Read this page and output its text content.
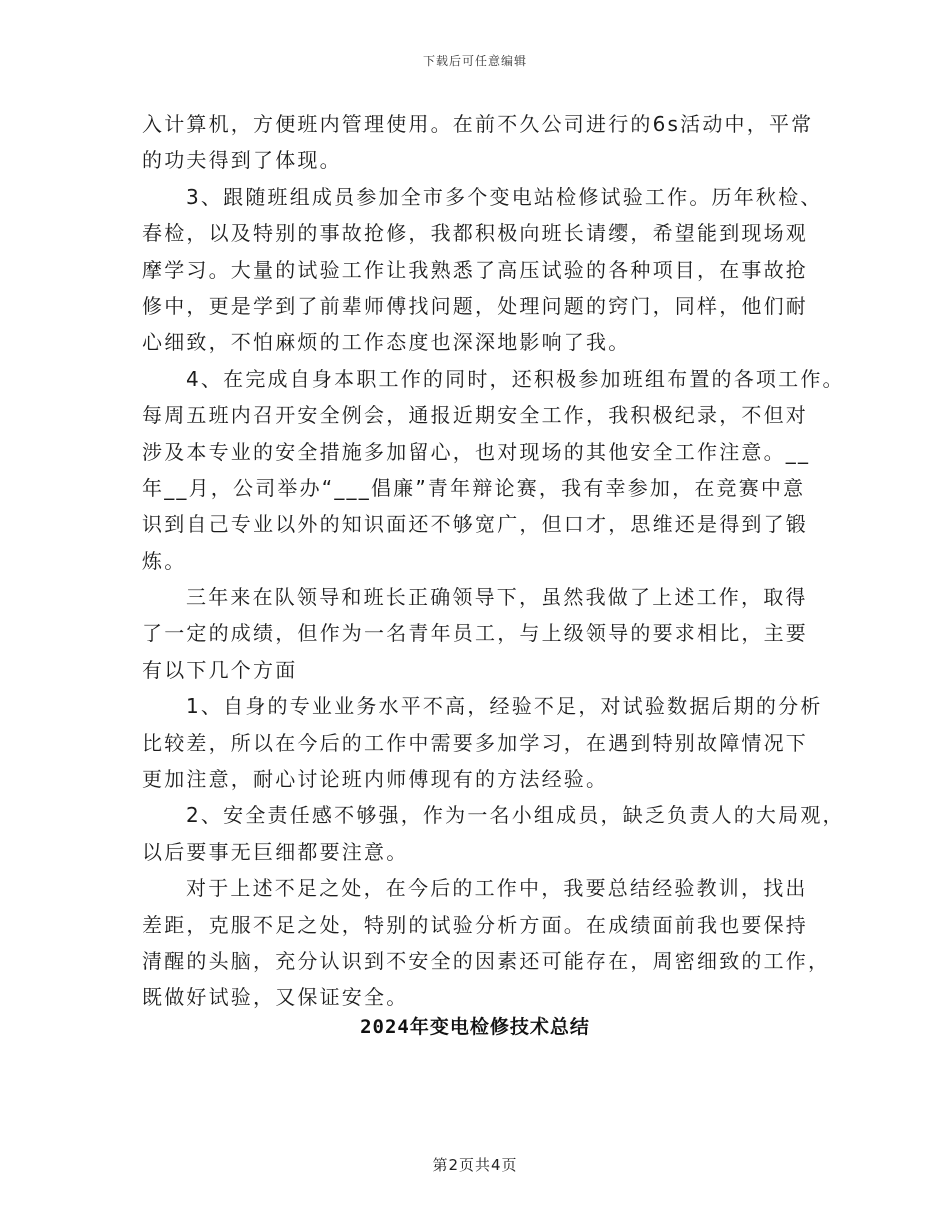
下载后可任意编辑
入计算机，方便班内管理使用。在前不久公司进行的6s活动中，平常
的功夫得到了体现。
3、跟随班组成员参加全市多个变电站检修试验工作。历年秋检、
春检，以及特别的事故抢修，我都积极向班长请缨，希望能到现场观
摩学习。大量的试验工作让我熟悉了高压试验的各种项目，在事故抢
修中，更是学到了前辈师傅找问题，处理问题的窍门，同样，他们耐
心细致，不怕麻烦的工作态度也深深地影响了我。
4、在完成自身本职工作的同时，还积极参加班组布置的各项工作。
每周五班内召开安全例会，通报近期安全工作，我积极纪录，不但对
涉及本专业的安全措施多加留心，也对现场的其他安全工作注意。__
年__月，公司举办“___倡廉”青年辩论赛，我有幸参加，在竞赛中意
识到自己专业以外的知识面还不够宽广，但口才，思维还是得到了锻
炼。
三年来在队领导和班长正确领导下，虽然我做了上述工作，取得
了一定的成绩，但作为一名青年员工，与上级领导的要求相比，主要
有以下几个方面
1、自身的专业业务水平不高，经验不足，对试验数据后期的分析
比较差，所以在今后的工作中需要多加学习，在遇到特别故障情况下
更加注意，耐心讨论班内师傅现有的方法经验。
2、安全责任感不够强，作为一名小组成员，缺乏负责人的大局观，
以后要事无巨细都要注意。
对于上述不足之处，在今后的工作中，我要总结经验教训，找出
差距，克服不足之处，特别的试验分析方面。在成绩面前我也要保持
清醒的头脑，充分认识到不安全的因素还可能存在，周密细致的工作，
既做好试验，又保证安全。
2024年变电检修技术总结
第2页共4页
